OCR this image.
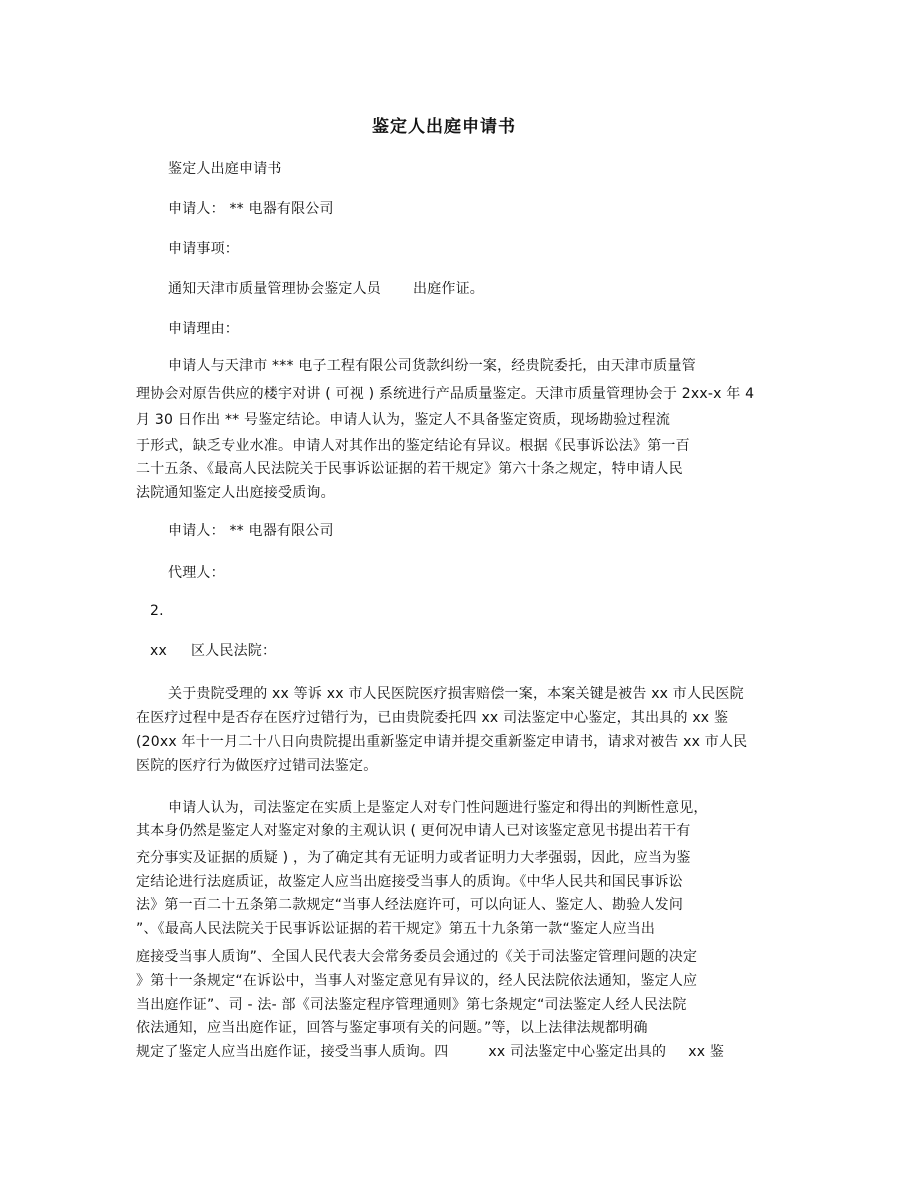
鉴定人出庭申请书

鉴定人出庭申请书

申请人： ** 电器有限公司

申请事项：

通知天津市质量管理协会鉴定人员 出庭作证。

申请理由：

申请人与天津市 *** 电子工程有限公司货款纠纷一案，经贵院委托，由天津市质量管

理协会对原告供应的楼宇对讲 ( 可视 ) 系统进行产品质量鉴定。天津市质量管理协会于 2xx-x 年 4

月 30 日作出 ** 号鉴定结论。申请人认为，鉴定人不具备鉴定资质，现场勘验过程流

于形式，缺乏专业水准。申请人对其作出的鉴定结论有异议。根据《民事诉讼法》第一百

二十五条、《最高人民法院关于民事诉讼证据的若干规定》第六十条之规定，特申请人民

法院通知鉴定人出庭接受质询。

申请人： ** 电器有限公司

代理人：

2.

xx 区人民法院：

关于贵院受理的 xx 等诉 xx 市人民医院医疗损害赔偿一案，本案关键是被告 xx 市人民医院

在医疗过程中是否存在医疗过错行为，已由贵院委托四 xx 司法鉴定中心鉴定，其出具的 xx 鉴

(20xx 年十一月二十八日向贵院提出重新鉴定申请并提交重新鉴定申请书，请求对被告 xx 市人民

医院的医疗行为做医疗过错司法鉴定。

申请人认为，司法鉴定在实质上是鉴定人对专门性问题进行鉴定和得出的判断性意见，

其本身仍然是鉴定人对鉴定对象的主观认识 ( 更何况申请人已对该鉴定意见书提出若干有

充分事实及证据的质疑 ) ，为了确定其有无证明力或者证明力大孝强弱，因此，应当为鉴

定结论进行法庭质证，故鉴定人应当出庭接受当事人的质询。《中华人民共和国民事诉讼

法》第一百二十五条第二款规定“当事人经法庭许可，可以向证人、鉴定人、勘验人发问

”、《最高人民法院关于民事诉讼证据的若干规定》第五十九条第一款“鉴定人应当出

庭接受当事人质询”、全国人民代表大会常务委员会通过的《关于司法鉴定管理问题的决定

》第十一条规定“在诉讼中，当事人对鉴定意见有异议的，经人民法院依法通知，鉴定人应

当出庭作证”、司 - 法- 部《司法鉴定程序管理通则》第七条规定“司法鉴定人经人民法院

依法通知，应当出庭作证，回答与鉴定事项有关的问题。”等，以上法律法规都明确

规定了鉴定人应当出庭作证，接受当事人质询。四	xx 司法鉴定中心鉴定出具的 xx 鉴
